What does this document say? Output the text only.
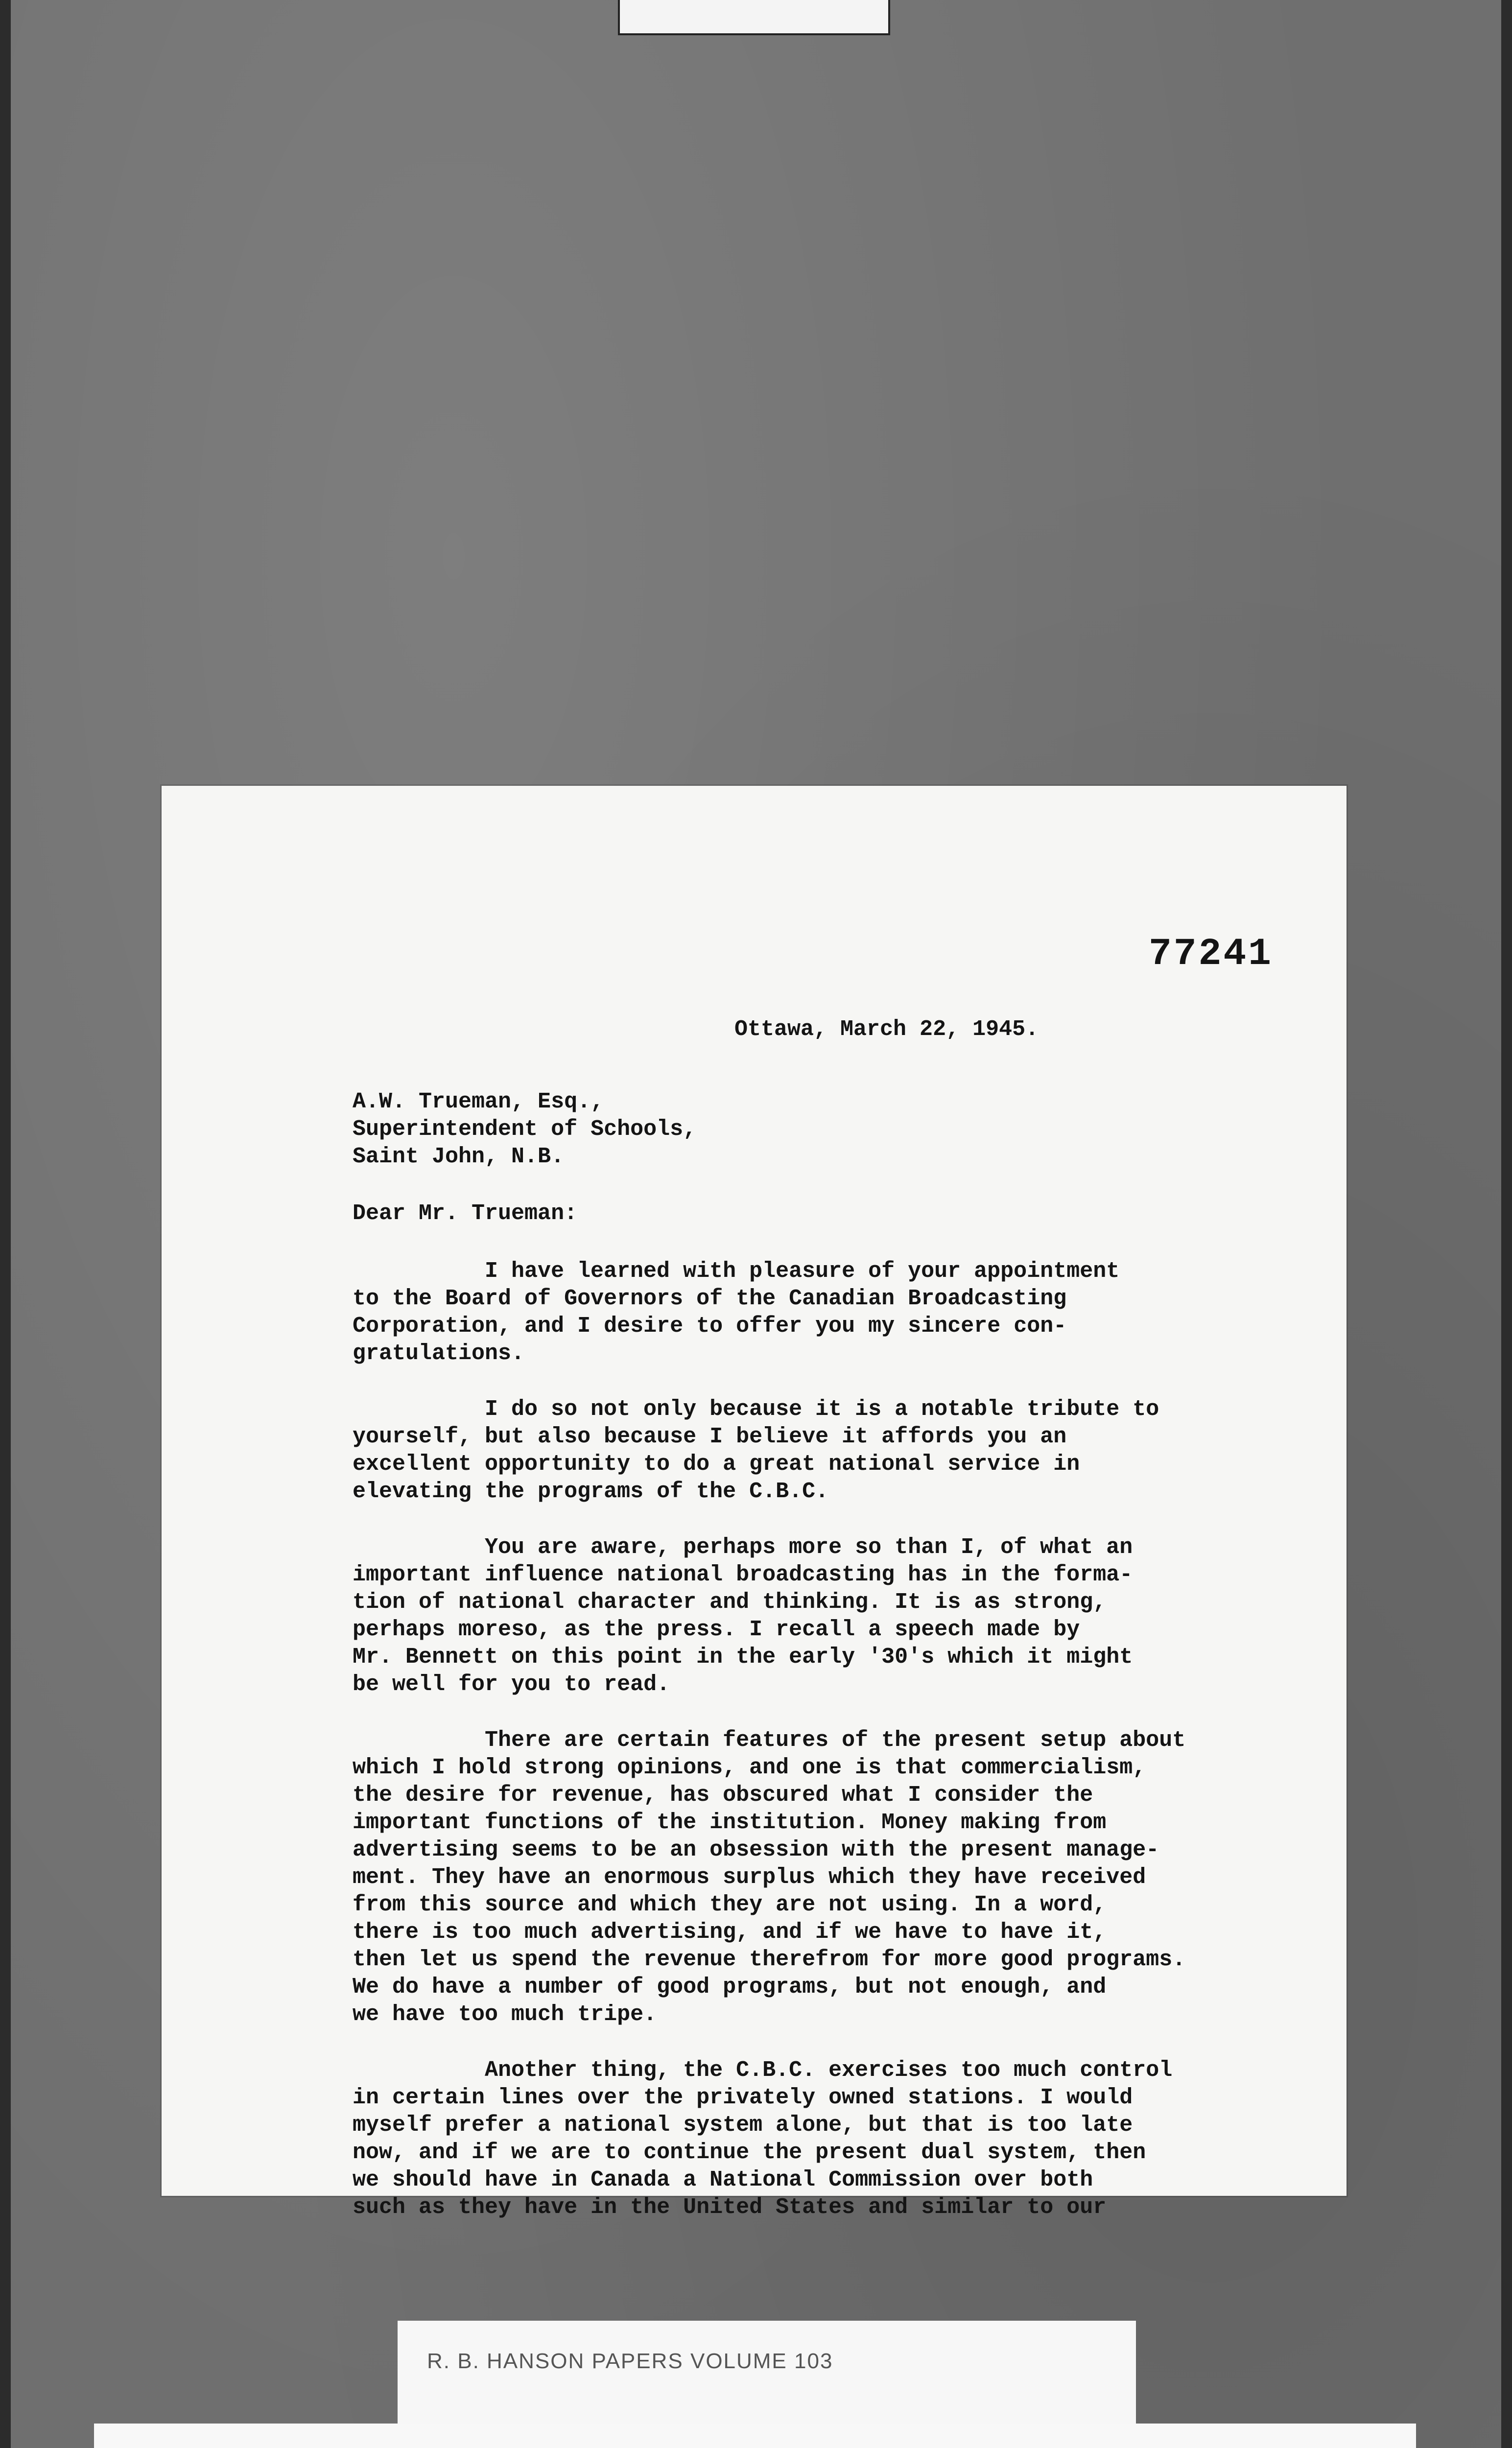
77241
Ottawa, March 22, 1945.
A.W. Trueman, Esq.,
Superintendent of Schools,
Saint John, N.B.
Dear Mr. Trueman:
I have learned with pleasure of your appointment
to the Board of Governors of the Canadian Broadcasting
Corporation, and I desire to offer you my sincere con-
gratulations.
I do so not only because it is a notable tribute to
yourself, but also because I believe it affords you an
excellent opportunity to do a great national service in
elevating the programs of the C.B.C.
You are aware, perhaps more so than I, of what an
important influence national broadcasting has in the forma-
tion of national character and thinking. It is as strong,
perhaps moreso, as the press. I recall a speech made by
Mr. Bennett on this point in the early '30's which it might
be well for you to read.
There are certain features of the present setup about
which I hold strong opinions, and one is that commercialism,
the desire for revenue, has obscured what I consider the
important functions of the institution. Money making from
advertising seems to be an obsession with the present manage-
ment. They have an enormous surplus which they have received
from this source and which they are not using. In a word,
there is too much advertising, and if we have to have it,
then let us spend the revenue therefrom for more good programs.
We do have a number of good programs, but not enough, and
we have too much tripe.
Another thing, the C.B.C. exercises too much control
in certain lines over the privately owned stations. I would
myself prefer a national system alone, but that is too late
now, and if we are to continue the present dual system, then
we should have in Canada a National Commission over both
such as they have in the United States and similar to our
R. B. HANSON PAPERS VOLUME 103
